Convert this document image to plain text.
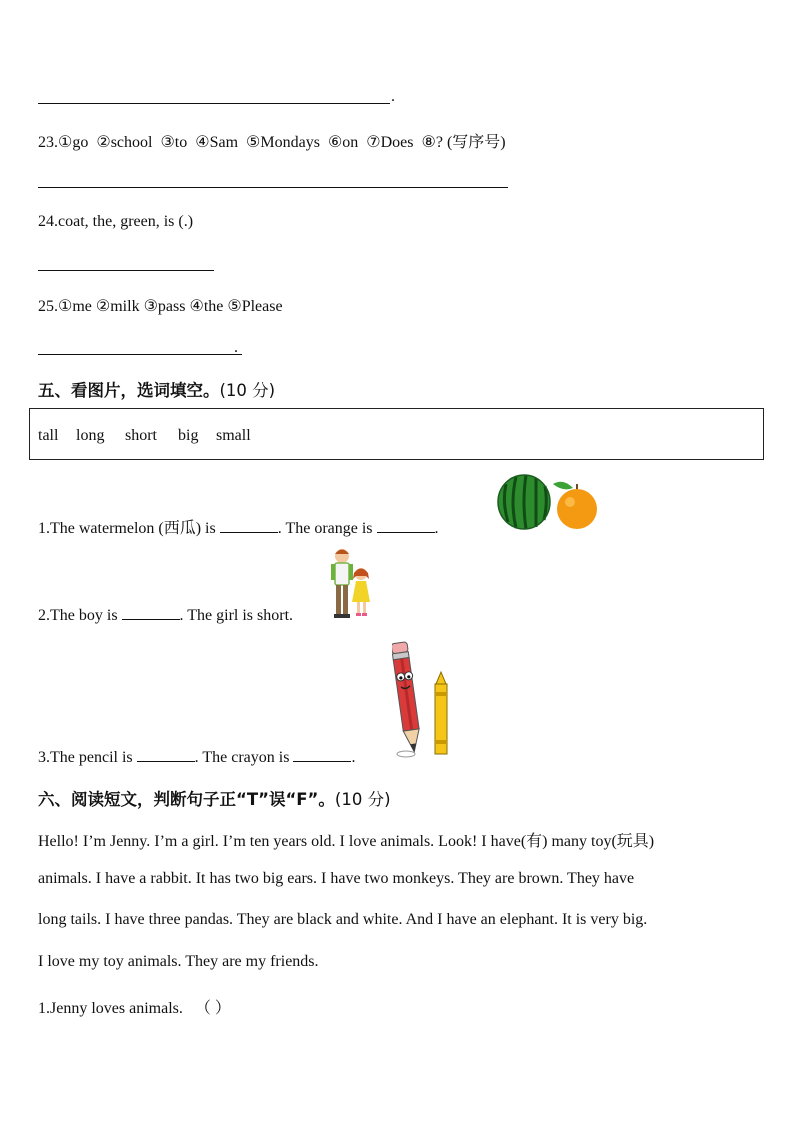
.
23.①go  ②school  ③to  ④Sam  ⑤Mondays  ⑥on  ⑦Does  ⑧? (写序号)
24.coat, the, green, is (.)
25.①me ②milk ③pass ④the ⑤Please
.
五、看图片，选词填空。(10 分)
tall long short big small
1.The watermelon (西瓜) is	. The orange is	.
2.The boy is	. The girl is short.
3.The pencil is	. The crayon is	.
六、阅读短文，判断句子正“T”误“F”。(10 分)
Hello! I’m Jenny. I’m a girl. I’m ten years old. I love animals. Look! I have(有) many toy(玩具)
animals. I have a rabbit. It has two big ears. I have two monkeys. They are brown. They have
long tails. I have three pandas. They are black and white. And I have an elephant. It is very big.
I love my toy animals. They are my friends.
1.Jenny loves animals. （ ）
